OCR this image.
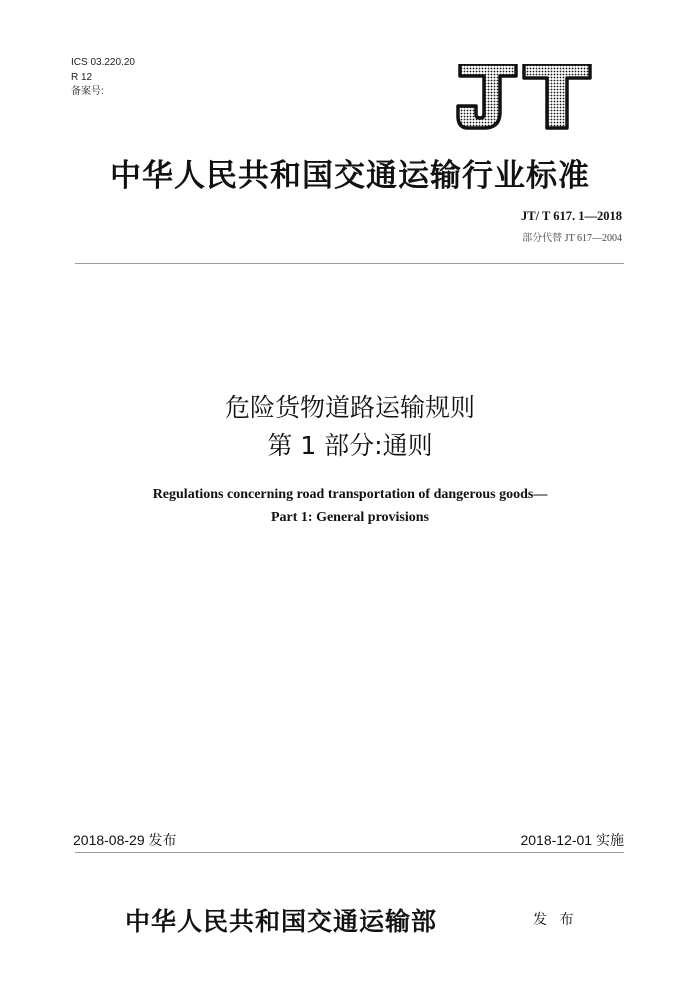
ICS 03.220.20
R 12
备案号:
中华人民共和国交通运输行业标准
JT/ T 617. 1—2018
部分代替 JT 617—2004
危险货物道路运输规则
第 1 部分:通则
Regulations concerning road transportation of dangerous goods—
Part 1: General provisions
2018-08-29 发布	2018-12-01 实施
中华人民共和国交通运输部	发 布
